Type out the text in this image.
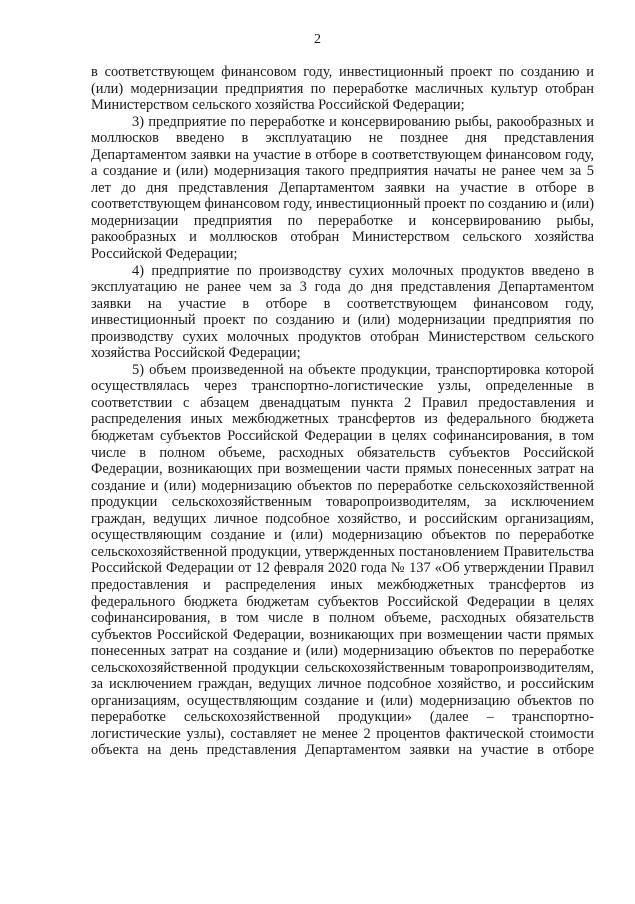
2

в соответствующем финансовом году, инвестиционный проект по созданию и (или) модернизации предприятия по переработке масличных культур отобран Министерством сельского хозяйства Российской Федерации;

3) предприятие по переработке и консервированию рыбы, ракообразных и моллюсков введено в эксплуатацию не позднее дня представления Департаментом заявки на участие в отборе в соответствующем финансовом году, а создание и (или) модернизация такого предприятия начаты не ранее чем за 5 лет до дня представления Департаментом заявки на участие в отборе в соответствующем финансовом году, инвестиционный проект по созданию и (или) модернизации предприятия по переработке и консервированию рыбы, ракообразных и моллюсков отобран Министерством сельского хозяйства Российской Федерации;

4) предприятие по производству сухих молочных продуктов введено в эксплуатацию не ранее чем за 3 года до дня представления Департаментом заявки на участие в отборе в соответствующем финансовом году, инвестиционный проект по созданию и (или) модернизации предприятия по производству сухих молочных продуктов отобран Министерством сельского хозяйства Российской Федерации;

5) объем произведенной на объекте продукции, транспортировка которой осуществлялась через транспортно-логистические узлы, определенные в соответствии с абзацем двенадцатым пункта 2 Правил предоставления и распределения иных межбюджетных трансфертов из федерального бюджета бюджетам субъектов Российской Федерации в целях софинансирования, в том числе в полном объеме, расходных обязательств субъектов Российской Федерации, возникающих при возмещении части прямых понесенных затрат на создание и (или) модернизацию объектов по переработке сельскохозяйственной продукции сельскохозяйственным товаропроизводителям, за исключением граждан, ведущих личное подсобное хозяйство, и российским организациям, осуществляющим создание и (или) модернизацию объектов по переработке сельскохозяйственной продукции, утвержденных постановлением Правительства Российской Федерации от 12 февраля 2020 года № 137 «Об утверждении Правил предоставления и распределения иных межбюджетных трансфертов из федерального бюджета бюджетам субъектов Российской Федерации в целях софинансирования, в том числе в полном объеме, расходных обязательств субъектов Российской Федерации, возникающих при возмещении части прямых понесенных затрат на создание и (или) модернизацию объектов по переработке сельскохозяйственной продукции сельскохозяйственным товаропроизводителям, за исключением граждан, ведущих личное подсобное хозяйство, и российским организациям, осуществляющим создание и (или) модернизацию объектов по переработке сельскохозяйственной продукции» (далее – транспортно-логистические узлы), составляет не менее 2 процентов фактической стоимости объекта на день представления Департаментом заявки на участие в отборе
